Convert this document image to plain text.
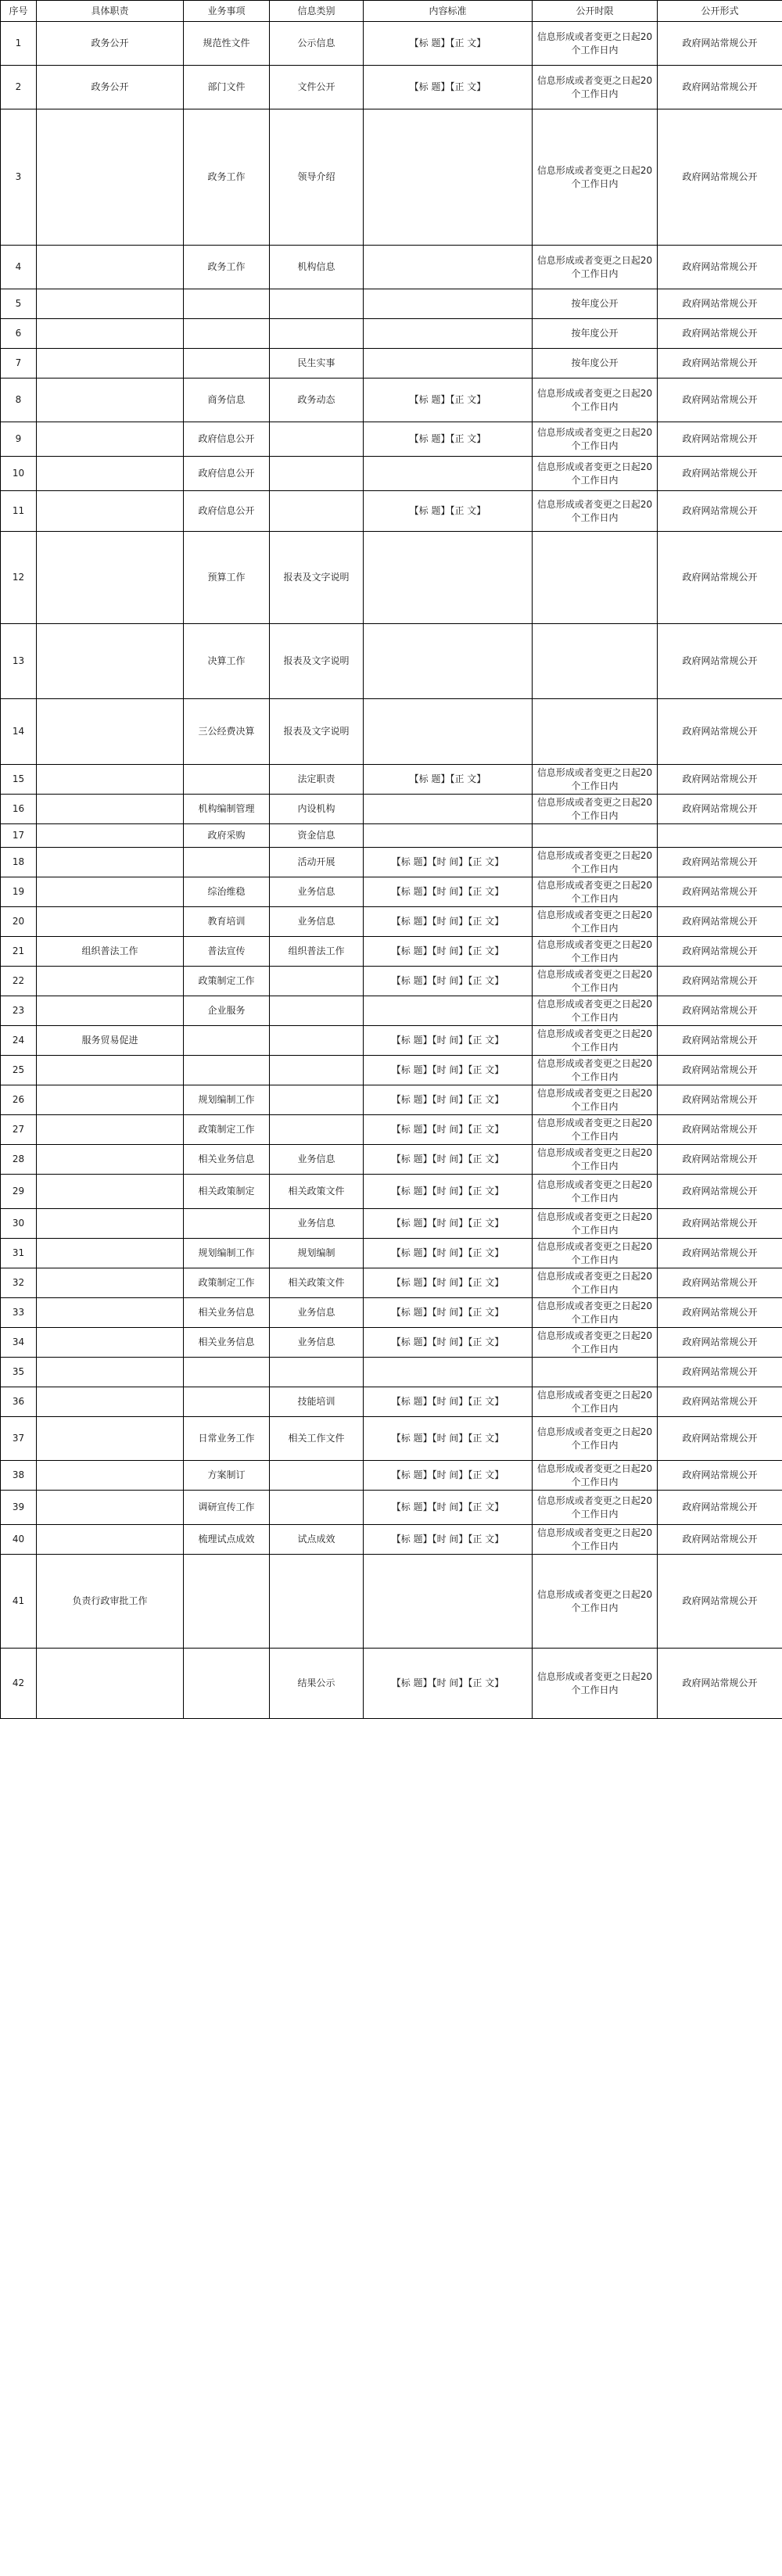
序号	具体职责	业务事项	信息类别	内容标准	公开时限	公开形式
1	政务公开	规范性文件	公示信息	【标 题】【正 文】	信息形成或者变更之日起20个工作日内	政府网站常规公开
2	政务公开	部门文件	文件公开	【标 题】【正 文】	信息形成或者变更之日起20个工作日内	政府网站常规公开
3		政务工作	领导介绍		信息形成或者变更之日起20个工作日内	政府网站常规公开
4		政务工作	机构信息		信息形成或者变更之日起20个工作日内	政府网站常规公开
5					按年度公开	政府网站常规公开
6					按年度公开	政府网站常规公开
7			民生实事		按年度公开	政府网站常规公开
8		商务信息	政务动态	【标 题】【正 文】	信息形成或者变更之日起20个工作日内	政府网站常规公开
9		政府信息公开		【标 题】【正 文】	信息形成或者变更之日起20个工作日内	政府网站常规公开
10		政府信息公开			信息形成或者变更之日起20个工作日内	政府网站常规公开
11		政府信息公开		【标 题】【正 文】	信息形成或者变更之日起20个工作日内	政府网站常规公开
12		预算工作	报表及文字说明			政府网站常规公开
13		决算工作	报表及文字说明			政府网站常规公开
14		三公经费决算	报表及文字说明			政府网站常规公开
15			法定职责	【标 题】【正 文】	信息形成或者变更之日起20个工作日内	政府网站常规公开
16		机构编制管理	内设机构		信息形成或者变更之日起20个工作日内	政府网站常规公开
17		政府采购	资金信息			
18			活动开展	【标 题】【时 间】【正 文】	信息形成或者变更之日起20个工作日内	政府网站常规公开
19		综治维稳	业务信息	【标 题】【时 间】【正 文】	信息形成或者变更之日起20个工作日内	政府网站常规公开
20		教育培训	业务信息	【标 题】【时 间】【正 文】	信息形成或者变更之日起20个工作日内	政府网站常规公开
21	组织普法工作	普法宣传	组织普法工作	【标 题】【时 间】【正 文】	信息形成或者变更之日起20个工作日内	政府网站常规公开
22		政策制定工作		【标 题】【时 间】【正 文】	信息形成或者变更之日起20个工作日内	政府网站常规公开
23		企业服务			信息形成或者变更之日起20个工作日内	政府网站常规公开
24	服务贸易促进			【标 题】【时 间】【正 文】	信息形成或者变更之日起20个工作日内	政府网站常规公开
25				【标 题】【时 间】【正 文】	信息形成或者变更之日起20个工作日内	政府网站常规公开
26		规划编制工作		【标 题】【时 间】【正 文】	信息形成或者变更之日起20个工作日内	政府网站常规公开
27		政策制定工作		【标 题】【时 间】【正 文】	信息形成或者变更之日起20个工作日内	政府网站常规公开
28		相关业务信息	业务信息	【标 题】【时 间】【正 文】	信息形成或者变更之日起20个工作日内	政府网站常规公开
29		相关政策制定	相关政策文件	【标 题】【时 间】【正 文】	信息形成或者变更之日起20个工作日内	政府网站常规公开
30			业务信息	【标 题】【时 间】【正 文】	信息形成或者变更之日起20个工作日内	政府网站常规公开
31		规划编制工作	规划编制	【标 题】【时 间】【正 文】	信息形成或者变更之日起20个工作日内	政府网站常规公开
32		政策制定工作	相关政策文件	【标 题】【时 间】【正 文】	信息形成或者变更之日起20个工作日内	政府网站常规公开
33		相关业务信息	业务信息	【标 题】【时 间】【正 文】	信息形成或者变更之日起20个工作日内	政府网站常规公开
34		相关业务信息	业务信息	【标 题】【时 间】【正 文】	信息形成或者变更之日起20个工作日内	政府网站常规公开
35						政府网站常规公开
36			技能培训	【标 题】【时 间】【正 文】	信息形成或者变更之日起20个工作日内	政府网站常规公开
37		日常业务工作	相关工作文件	【标 题】【时 间】【正 文】	信息形成或者变更之日起20个工作日内	政府网站常规公开
38		方案制订		【标 题】【时 间】【正 文】	信息形成或者变更之日起20个工作日内	政府网站常规公开
39		调研宣传工作		【标 题】【时 间】【正 文】	信息形成或者变更之日起20个工作日内	政府网站常规公开
40		梳理试点成效	试点成效	【标 题】【时 间】【正 文】	信息形成或者变更之日起20个工作日内	政府网站常规公开
41	负责行政审批工作				信息形成或者变更之日起20个工作日内	政府网站常规公开
42			结果公示	【标 题】【时 间】【正 文】	信息形成或者变更之日起20个工作日内	政府网站常规公开
